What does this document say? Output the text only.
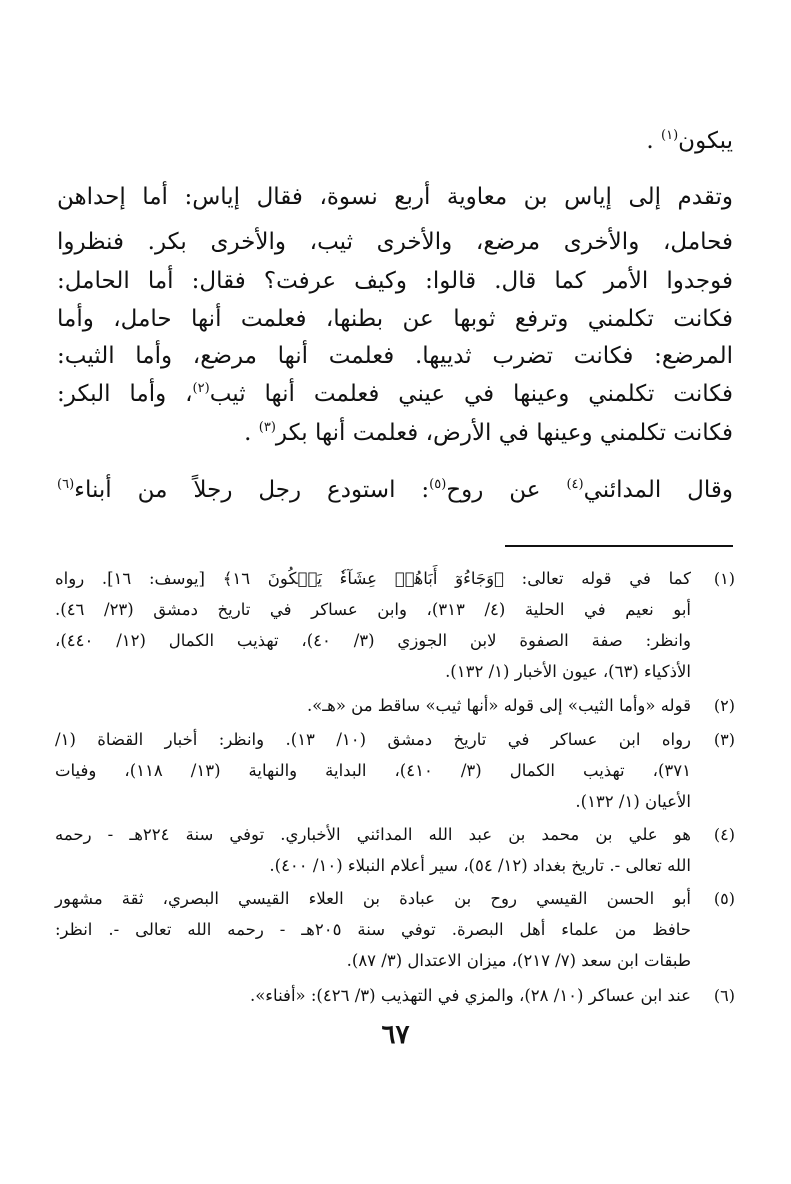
يبكون$^{(١)}$ .
وتقدم إلى إياس بن معاوية أربع نسوة، فقال إياس: أما إحداهن
فحامل، والأخرى مرضع، والأخرى ثيب، والأخرى بكر. فنظروا
فوجدوا الأمر كما قال. قالوا: وكيف عرفت؟ فقال: أما الحامل:
فكانت تكلمني وترفع ثوبها عن بطنها، فعلمت أنها حامل، وأما
المرضع: فكانت تضرب ثدييها. فعلمت أنها مرضع، وأما الثيب:
فكانت تكلمني وعينها في عيني فعلمت أنها ثيب$^{(٢)}$، وأما البكر:
فكانت تكلمني وعينها في الأرض، فعلمت أنها بكر$^{(٣)}$ .
وقال المدائني$^{(٤)}$ عن روح$^{(٥)}$: استودع رجل رجلاً من أبناء$^{(٦)}$
(١)
كما في قوله تعالى: ﴿وَجَاءُوٓ أَبَاهُمۡ عِشَآءٗ يَبۡكُونَ ١٦﴾ [يوسف: ١٦]. رواه
أبو نعيم في الحلية (٤/ ٣١٣)، وابن عساكر في تاريخ دمشق (٢٣/ ٤٦).
وانظر: صفة الصفوة لابن الجوزي (٣/ ٤٠)، تهذيب الكمال (١٢/ ٤٤٠)،
الأذكياء (٦٣)، عيون الأخبار (١/ ١٣٢).
(٢)
قوله «وأما الثيب» إلى قوله «أنها ثيب» ساقط من «هـ».
(٣)
رواه ابن عساكر في تاريخ دمشق (١٠/ ١٣). وانظر: أخبار القضاة (١/
٣٧١)، تهذيب الكمال (٣/ ٤١٠)، البداية والنهاية (١٣/ ١١٨)، وفيات
الأعيان (١/ ١٣٢).
(٤)
هو علي بن محمد بن عبد الله المدائني الأخباري. توفي سنة ٢٢٤هـ - رحمه
الله تعالى -. تاريخ بغداد (١٢/ ٥٤)، سير أعلام النبلاء (١٠/ ٤٠٠).
(٥)
أبو الحسن القيسي روح بن عبادة بن العلاء القيسي البصري، ثقة مشهور
حافظ من علماء أهل البصرة. توفي سنة ٢٠٥هـ - رحمه الله تعالى -. انظر:
طبقات ابن سعد (٧/ ٢١٧)، ميزان الاعتدال (٣/ ٨٧).
(٦)
عند ابن عساكر (١٠/ ٢٨)، والمزي في التهذيب (٣/ ٤٢٦): «أفناء».
٦٧
